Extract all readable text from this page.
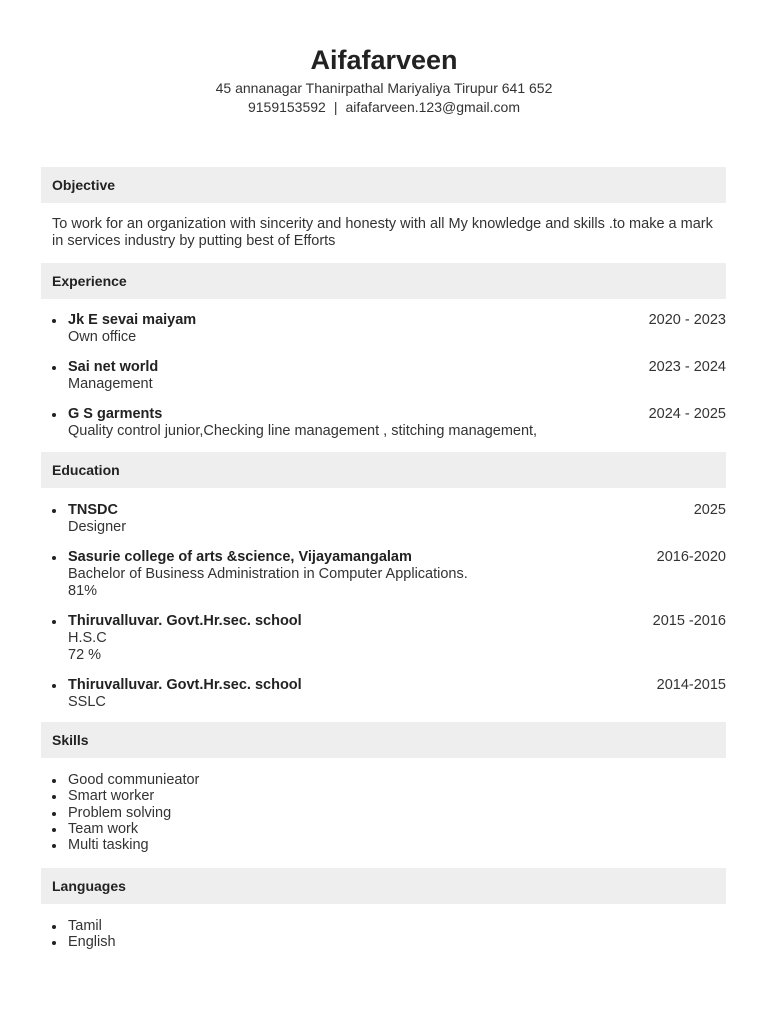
Aifafarveen
45 annanagar Thanirpathal Mariyaliya Tirupur 641 652
9159153592 | aifafarveen.123@gmail.com
Objective
To work for an organization with sincerity and honesty with all My knowledge and skills .to make a mark in services industry by putting best of Efforts
Experience
Jk E sevai maiyam	2020 - 2023
Own office
Sai net world	2023 - 2024
Management
G S garments	2024 - 2025
Quality control junior,Checking line management , stitching management,
Education
TNSDC	2025
Designer
Sasurie college of arts &science, Vijayamangalam	2016-2020
Bachelor of Business Administration in Computer Applications.
81%
Thiruvalluvar. Govt.Hr.sec. school	2015 -2016
H.S.C
72 %
Thiruvalluvar. Govt.Hr.sec. school	2014-2015
SSLC
Skills
Good communieator
Smart worker
Problem solving
Team work
Multi tasking
Languages
Tamil
English
